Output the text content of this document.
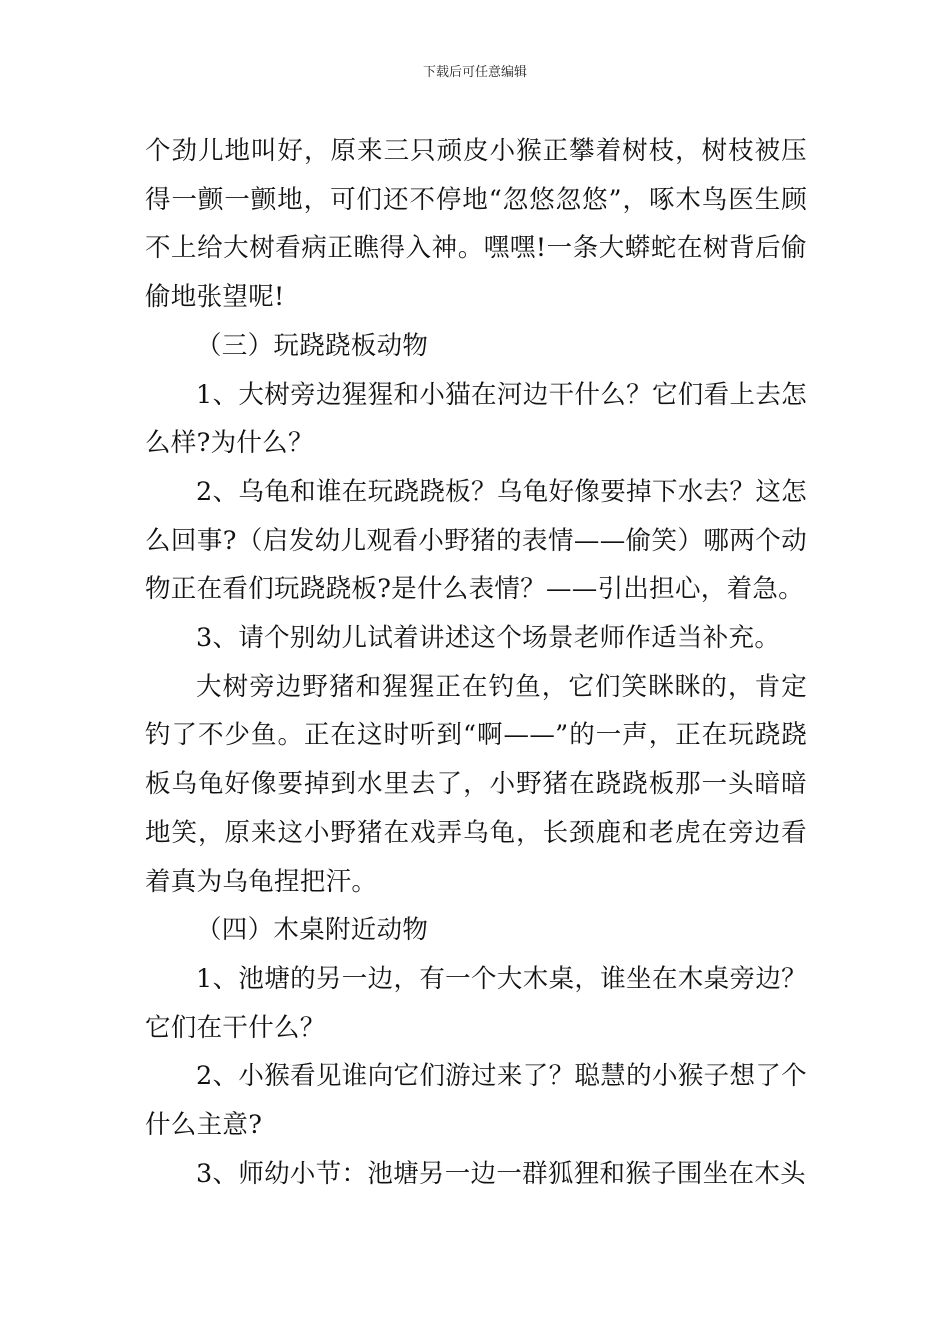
下载后可任意编辑

个劲儿地叫好，原来三只顽皮小猴正攀着树枝，树枝被压得一颤一颤地，可们还不停地“忽悠忽悠”，啄木鸟医生顾不上给大树看病正瞧得入神。嘿嘿!一条大蟒蛇在树背后偷偷地张望呢!

（三）玩跷跷板动物

1、大树旁边猩猩和小猫在河边干什么？它们看上去怎么样?为什么？

2、乌龟和谁在玩跷跷板？乌龟好像要掉下水去？这怎么回事?（启发幼儿观看小野猪的表情——偷笑）哪两个动物正在看们玩跷跷板?是什么表情？——引出担心，着急。

3、请个别幼儿试着讲述这个场景老师作适当补充。

大树旁边野猪和猩猩正在钓鱼，它们笑眯眯的，肯定钓了不少鱼。正在这时听到“啊——”的一声，正在玩跷跷板乌龟好像要掉到水里去了，小野猪在跷跷板那一头暗暗地笑，原来这小野猪在戏弄乌龟，长颈鹿和老虎在旁边看着真为乌龟捏把汗。

（四）木桌附近动物

1、池塘的另一边，有一个大木桌，谁坐在木桌旁边？它们在干什么？

2、小猴看见谁向它们游过来了？聪慧的小猴子想了个什么主意?

3、师幼小节：池塘另一边一群狐狸和猴子围坐在木头
